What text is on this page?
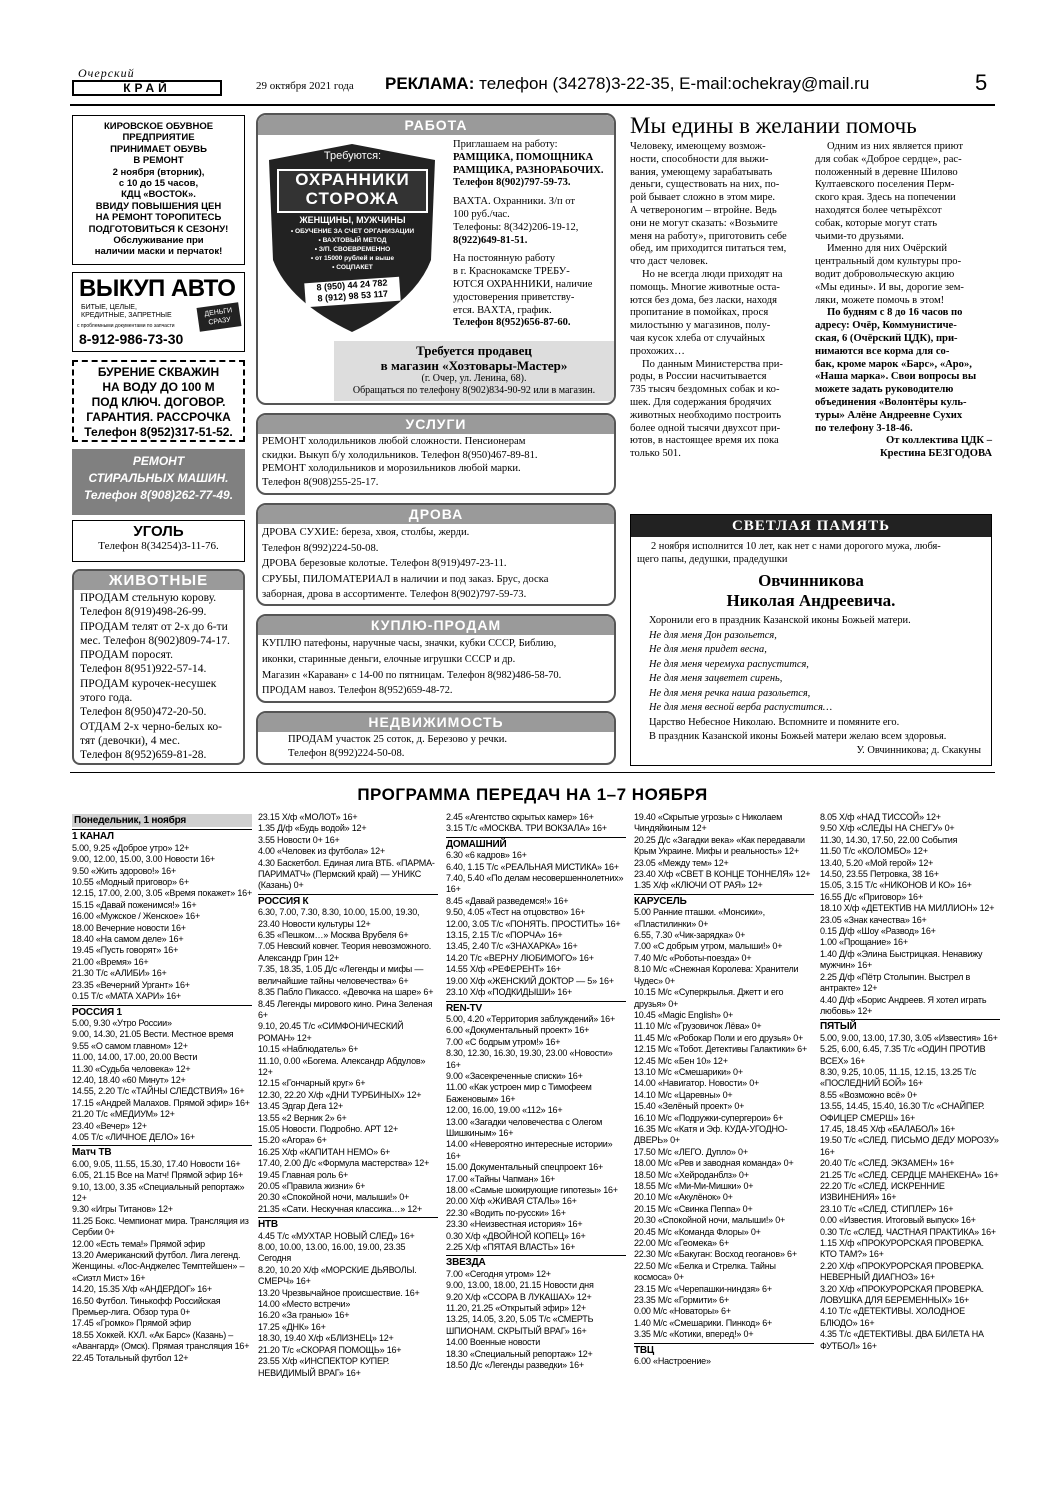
Очерский
КРАЙ	29 октября 2021 года РЕКЛАМА: телефон (34278)3-22-35, E-mail:ochekray@mail.ru	5
КИРОВСКОЕ ОБУВНОЕ
ПРЕДПРИЯТИЕ
ПРИНИМАЕТ ОБУВЬ
В РЕМОНТ
2 ноября (вторник),
с 10 до 15 часов,
КДЦ «ВОСТОК».
ВВИДУ ПОВЫШЕНИЯ ЦЕН
НА РЕМОНТ ТОРОПИТЕСЬ
ПОДГОТОВИТЬСЯ К СЕЗОНУ!
Обслуживание при
наличии маски и перчаток!
ВЫКУП АВТО
БИТЫЕ, ЦЕЛЫЕ, КРЕДИТНЫЕ, ЗАПРЕТНЫЕ
с проблемными документами по запчасти
ДЕНЬГИ СРАЗУ
8-912-986-73-30
БУРЕНИЕ СКВАЖИН
НА ВОДУ ДО 100 М
ПОД КЛЮЧ. ДОГОВОР.
ГАРАНТИЯ. РАССРОЧКА
Телефон 8(952)317-51-52.
РЕМОНТ
СТИРАЛЬНЫХ МАШИН.
Телефон 8(908)262-77-49.
УГОЛЬ
Телефон 8(34254)3-11-76.
ЖИВОТНЫЕ
ПРОДАМ стельную корову.
Телефон 8(919)498-26-99.
ПРОДАМ телят от 2-х до 6-ти
мес. Телефон 8(902)809-74-17.
ПРОДАМ поросят.
Телефон 8(951)922-57-14.
ПРОДАМ курочек-несушек
этого года.
Телефон 8(950)472-20-50.
ОТДАМ 2-х черно-белых ко-
тят (девочки), 4 мес.
Телефон 8(952)659-81-28.
РАБОТА
Приглашаем на работу:
РАМЩИКА, ПОМОЩНИКА
РАМЩИКА, РАЗНОРАБОЧИХ.
Телефон 8(902)797-59-73.
ВАХТА. Охранники. З/п от
100 руб./час.
Телефоны: 8(342)206-19-12,
8(922)649-81-51.
На постоянную работу
в г. Краснокамске ТРЕБУ-
ЮТСЯ ОХРАННИКИ, наличие
удостоверения приветству-
ется. ВАХТА, график.
Телефон 8(952)656-87-60.
Требуется продавец
в магазин «Хозтовары-Мастер»
(г. Очер, ул. Ленина, 68).
Обращаться по телефону 8(902)834-90-92 или в магазин.
Требуются:
ОХРАННИКИ
СТОРОЖА
ЖЕНЩИНЫ, МУЖЧИНЫ
• ОБУЧЕНИЕ ЗА СЧЕТ ОРГАНИЗАЦИИ
• ВАХТОВЫЙ МЕТОД
• З/П. СВОЕВРЕМЕННО
• от 15000 рублей и выше
• СОЦПАКЕТ
8 (950) 44 24 782
8 (912) 98 53 117
УСЛУГИ
РЕМОНТ холодильников любой сложности. Пенсионерам
скидки. Выкуп б/у холодильников. Телефон 8(950)467-89-81.
РЕМОНТ холодильников и морозильников любой марки.
Телефон 8(908)255-25-17.
ДРОВА
ДРОВА СУХИЕ: береза, хвоя, столбы, жерди.
Телефон 8(992)224-50-08.
ДРОВА березовые колотые. Телефон 8(919)497-23-11.
СРУБЫ, ПИЛОМАТЕРИАЛ в наличии и под заказ. Брус, доска
заборная, дрова в ассортименте. Телефон 8(902)797-59-73.
КУПЛЮ-ПРОДАМ
КУПЛЮ патефоны, наручные часы, значки, кубки СССР, Библию,
иконки, старинные деньги, елочные игрушки СССР и др.
Магазин «Караван» с 14-00 по пятницам. Телефон 8(982)486-58-70.
ПРОДАМ навоз. Телефон 8(952)659-48-72.
НЕДВИЖИМОСТЬ
ПРОДАМ участок 25 соток, д. Березово у речки.
Телефон 8(992)224-50-08.
Мы едины в желании помочь
Человеку, имеющему возмож-
ности, способности для выжи-
вания, умеющему зарабатывать
деньги, существовать на них, по-
рой бывает сложно в этом мире.
А четвероногим – втройне. Ведь
они не могут сказать: «Возьмите
меня на работу», приготовить себе
обед, им приходится питаться тем,
что даст человек.
Но не всегда люди приходят на
помощь. Многие животные оста-
ются без дома, без ласки, находя
пропитание в помойках, прося
милостыню у магазинов, полу-
чая кусок хлеба от случайных
прохожих…
По данным Министерства при-
роды, в России насчитывается
735 тысяч бездомных собак и ко-
шек. Для содержания бродячих
животных необходимо построить
более одной тысячи двухсот при-
ютов, в настоящее время их пока
только 501.
Одним из них является приют
для собак «Доброе сердце», рас-
положенный в деревне Шилово
Култаевского поселения Перм-
ского края. Здесь на попечении
находятся более четырёхсот
собак, которые могут стать
чьими-то друзьями.
Именно для них Очёрский
центральный дом культуры про-
водит добровольческую акцию
«Мы едины». И вы, дорогие зем-
ляки, можете помочь в этом!
По будням с 8 до 16 часов по
адресу: Очёр, Коммунистиче-
ская, 6 (Очёрский ЦДК), при-
нимаются все корма для со-
бак, кроме марок «Барс», «Аро»,
«Наша марка». Свои вопросы вы
можете задать руководителю
объединения «Волонтёры куль-
туры» Алёне Андреевне Сухих
по телефону 3-18-46.
От коллектива ЦДК –
Крестина БЕЗГОДОВА
СВЕТЛАЯ ПАМЯТЬ
2 ноября исполнится 10 лет, как нет с нами дорогого мужа, любя-
щего папы, дедушки, прадедушки
Овчинникова
Николая Андреевича.
Хоронили его в праздник Казанской иконы Божьей матери.
Не для меня Дон разольется,
Не для меня придет весна,
Не для меня черемуха распустится,
Не для меня зацветет сирень,
Не для меня речка наша разольется,
Не для меня весной верба распустится…
Царство Небесное Николаю. Вспомните и помяните его.
В праздник Казанской иконы Божьей матери желаю всем здоровья.
У. Овчинникова; д. Скакуны
ПРОГРАММА ПЕРЕДАЧ НА 1–7 НОЯБРЯ
Понедельник, 1 ноября
1 КАНАЛ
5.00, 9.25 «Доброе утро» 12+
9.00, 12.00, 15.00, 3.00 Новости 16+
9.50 «Жить здорово!» 16+
10.55 «Модный приговор» 6+
12.15, 17.00, 2.00, 3.05 «Время покажет» 16+
15.15 «Давай поженимся!» 16+
16.00 «Мужское / Женское» 16+
18.00 Вечерние новости 16+
18.40 «На самом деле» 16+
19.45 «Пусть говорят» 16+
21.00 «Время» 16+
21.30 Т/с «АЛИБИ» 16+
23.35 «Вечерний Ургант» 16+
0.15 Т/с «МАТА ХАРИ» 16+
РОССИЯ 1
5.00, 9.30 «Утро России»
9.00, 14.30, 21.05 Вести. Местное время
9.55 «О самом главном» 12+
11.00, 14.00, 17.00, 20.00 Вести
11.30 «Судьба человека» 12+
12.40, 18.40 «60 Минут» 12+
14.55, 2.20 Т/с «ТАЙНЫ СЛЕДСТВИЯ» 16+
17.15 «Андрей Малахов. Прямой эфир» 16+
21.20 Т/с «МЕДИУМ» 12+
23.40 «Вечер» 12+
4.05 Т/с «ЛИЧНОЕ ДЕЛО» 16+
Матч ТВ
6.00, 9.05, 11.55, 15.30, 17.40 Новости 16+
6.05, 21.15 Все на Матч! Прямой эфир 16+
9.10, 13.00, 3.35 «Специальный репортаж» 12+
9.30 «Игры Титанов» 12+
11.25 Бокс. Чемпионат мира. Трансляция из Сербии 0+
12.00 «Есть тема!» Прямой эфир
13.20 Американский футбол. Лига легенд. Женщины. «Лос-Анджелес Темптейшен» – «Сиэтл Мист» 16+
14.20, 15.35 Х/ф «АНДЕРДОГ» 16+
16.50 Футбол. Тинькофф Российская Премьер-лига. Обзор тура 0+
17.45 «Громко» Прямой эфир
18.55 Хоккей. КХЛ. «Ак Барс» (Казань) – «Авангард» (Омск). Прямая трансляция 16+
22.45 Тотальный футбол 12+
23.15 Х/ф «МОЛОТ» 16+
1.35 Д/ф «Будь водой» 12+
3.55 Новости 0+ 16+
4.00 «Человек из футбола» 12+
4.30 Баскетбол. Единая лига ВТБ. «ПАРМА-ПАРИМАТЧ» (Пермский край) — УНИКС (Казань) 0+
РОССИЯ К
6.30, 7.00, 7.30, 8.30, 10.00, 15.00, 19.30, 23.40 Новости культуры 12+
6.35 «Пешком…» Москва Врубеля 6+
7.05 Невский ковчег. Теория невозможного. Александр Грин 12+
7.35, 18.35, 1.05 Д/с «Легенды и мифы — величайшие тайны человечества» 6+
8.35 Пабло Пикассо. «Девочка на шаре» 6+
8.45 Легенды мирового кино. Рина Зеленая 6+
9.10, 20.45 Т/с «СИМФОНИЧЕСКИЙ РОМАН» 12+
10.15 «Наблюдатель» 6+
11.10, 0.00 «Богема. Александр Абдулов» 12+
12.15 «Гончарный круг» 6+
12.30, 22.20 Х/ф «ДНИ ТУРБИНЫХ» 12+
13.45 Эдгар Дега 12+
13.55 «2 Верник 2» 6+
15.05 Новости. Подробно. АРТ 12+
15.20 «Агора» 6+
16.25 Х/ф «КАПИТАН НЕМО» 6+
17.40, 2.00 Д/с «Формула мастерства» 12+
19.45 Главная роль 6+
20.05 «Правила жизни» 6+
20.30 «Спокойной ночи, малыши!» 0+
21.35 «Сати. Нескучная классика…» 12+
НТВ
4.45 Т/с «МУХТАР. НОВЫЙ СЛЕД» 16+
8.00, 10.00, 13.00, 16.00, 19.00, 23.35 Сегодня
8.20, 10.20 Х/ф «МОРСКИЕ ДЬЯВОЛЫ. СМЕРЧ» 16+
13.20 Чрезвычайное происшествие. 16+
14.00 «Место встречи»
16.20 «За гранью» 16+
17.25 «ДНК» 16+
18.30, 19.40 Х/ф «БЛИЗНЕЦ» 12+
21.20 Т/с «СКОРАЯ ПОМОЩЬ» 16+
23.55 Х/ф «ИНСПЕКТОР КУПЕР. НЕВИДИМЫЙ ВРАГ» 16+
2.45 «Агентство скрытых камер» 16+
3.15 Т/с «МОСКВА. ТРИ ВОКЗАЛА» 16+
ДОМАШНИЙ
6.30 «6 кадров» 16+
6.40, 1.15 Т/с «РЕАЛЬНАЯ МИСТИКА» 16+
7.40, 5.40 «По делам несовершеннолетних» 16+
8.45 «Давай разведемся!» 16+
9.50, 4.05 «Тест на отцовство» 16+
12.00, 3.05 Т/с «ПОНЯТЬ. ПРОСТИТЬ» 16+
13.15, 2.15 Т/с «ПОРЧА» 16+
13.45, 2.40 Т/с «ЗНАХАРКА» 16+
14.20 Т/с «ВЕРНУ ЛЮБИМОГО» 16+
14.55 Х/ф «РЕФЕРЕНТ» 16+
19.00 Х/ф «ЖЕНСКИЙ ДОКТОР — 5» 16+
23.10 Х/ф «ПОДКИДЫШИ» 16+
REN-TV
5.00, 4.20 «Территория заблуждений» 16+
6.00 «Документальный проект» 16+
7.00 «С бодрым утром!» 16+
8.30, 12.30, 16.30, 19.30, 23.00 «Новости» 16+
9.00 «Засекреченные списки» 16+
11.00 «Как устроен мир с Тимофеем Баженовым» 16+
12.00, 16.00, 19.00 «112» 16+
13.00 «Загадки человечества с Олегом Шишкиным» 16+
14.00 «Невероятно интересные истории» 16+
15.00 Документальный спецпроект 16+
17.00 «Тайны Чапман» 16+
18.00 «Самые шокирующие гипотезы» 16+
20.00 Х/ф «ЖИВАЯ СТАЛЬ» 16+
22.30 «Водить по-русски» 16+
23.30 «Неизвестная история» 16+
0.30 Х/ф «ДВОЙНОЙ КОПЕЦ» 16+
2.25 Х/ф «ПЯТАЯ ВЛАСТЬ» 16+
ЗВЕЗДА
7.00 «Сегодня утром» 12+
9.00, 13.00, 18.00, 21.15 Новости дня
9.20 Х/ф «ССОРА В ЛУКАШАХ» 12+
11.20, 21.25 «Открытый эфир» 12+
13.25, 14.05, 3.20, 5.05 Т/с «СМЕРТЬ ШПИОНАМ. СКРЫТЫЙ ВРАГ» 16+
14.00 Военные новости
18.30 «Специальный репортаж» 12+
18.50 Д/с «Легенды разведки» 16+
19.40 «Скрытые угрозы» с Николаем Чиндяйкиным 12+
20.25 Д/с «Загадки века» «Как передавали Крым Украине. Мифы и реальность» 12+
23.05 «Между тем» 12+
23.40 Х/ф «СВЕТ В КОНЦЕ ТОННЕЛЯ» 12+
1.35 Х/ф «КЛЮЧИ ОТ РАЯ» 12+
КАРУСЕЛЬ
5.00 Ранние пташки. «Монсики», «Пластилинки» 0+
6.55, 7.30 «Чик-зарядка» 0+
7.00 «С добрым утром, малыши!» 0+
7.40 М/с «Роботы-поезда» 0+
8.10 М/с «Снежная Королева: Хранители Чудес» 0+
10.15 М/с «Суперкрылья. Джетт и его друзья» 0+
10.45 «Magic English» 0+
11.10 М/с «Грузовичок Лёва» 0+
11.45 М/с «Робокар Поли и его друзья» 0+
12.15 М/с «Тобот. Детективы Галактики» 6+
12.45 М/с «Бен 10» 12+
13.10 М/с «Смешарики» 0+
14.00 «Навигатор. Новости» 0+
14.10 М/с «Царевны» 0+
15.40 «Зелёный проект» 0+
16.10 М/с «Подружки-супергерои» 6+
16.35 М/с «Катя и Эф. КУДА-УГОДНО-ДВЕРЬ» 0+
17.50 М/с «ЛЕГО. Дупло» 0+
18.00 М/с «Рев и заводная команда» 0+
18.50 М/с «Хейроданблз» 0+
18.55 М/с «Ми-Ми-Мишки» 0+
20.10 М/с «Акулёнок» 0+
20.15 М/с «Свинка Пеппа» 0+
20.30 «Спокойной ночи, малыши!» 0+
20.45 М/с «Команда Флоры» 0+
22.00 М/с «Геомека» 6+
22.30 М/с «Бакуган: Восход геоганов» 6+
22.50 М/с «Белка и Стрелка. Тайны космоса» 0+
23.15 М/с «Черепашки-ниндзя» 6+
23.35 М/с «Гормити» 6+
0.00 М/с «Новаторы» 6+
1.40 М/с «Смешарики. Пинкод» 6+
3.35 М/с «Котики, вперед!» 0+
ТВЦ
6.00 «Настроение»
8.05 Х/ф «НАД ТИССОЙ» 12+
9.50 Х/ф «СЛЕДЫ НА СНЕГУ» 0+
11.30, 14.30, 17.50, 22.00 События
11.50 Т/с «КОЛОМБО» 12+
13.40, 5.20 «Мой герой» 12+
14.50, 23.55 Петровка, 38 16+
15.05, 3.15 Т/с «НИКОНОВ И КО» 16+
16.55 Д/с «Приговор» 16+
18.10 Х/ф «ДЕТЕКТИВ НА МИЛЛИОН» 12+
23.05 «Знак качества» 16+
0.15 Д/ф «Шоу «Развод» 16+
1.00 «Прощание» 16+
1.40 Д/ф «Элина Быстрицкая. Ненавижу мужчин» 16+
2.25 Д/ф «Пётр Столыпин. Выстрел в антракте» 12+
4.40 Д/ф «Борис Андреев. Я хотел играть любовь» 12+
ПЯТЫЙ
5.00, 9.00, 13.00, 17.30, 3.05 «Известия» 16+
5.25, 6.00, 6.45, 7.35 Т/с «ОДИН ПРОТИВ ВСЕХ» 16+
8.30, 9.25, 10.05, 11.15, 12.15, 13.25 Т/с «ПОСЛЕДНИЙ БОЙ» 16+
8.55 «Возможно всё» 0+
13.55, 14.45, 15.40, 16.30 Т/с «СНАЙПЕР. ОФИЦЕР СМЕРШ» 16+
17.45, 18.45 Х/ф «БАЛАБОЛ» 16+
19.50 Т/с «СЛЕД. ПИСЬМО ДЕДУ МОРОЗУ» 16+
20.40 Т/с «СЛЕД. ЭКЗАМЕН» 16+
21.25 Т/с «СЛЕД. СЕРДЦЕ МАНЕКЕНА» 16+
22.20 Т/с «СЛЕД. ИСКРЕННИЕ ИЗВИНЕНИЯ» 16+
23.10 Т/с «СЛЕД. СТИПЛЕР» 16+
0.00 «Известия. Итоговый выпуск» 16+
0.30 Т/с «СЛЕД. ЧАСТНАЯ ПРАКТИКА» 16+
1.15 Х/ф «ПРОКУРОРСКАЯ ПРОВЕРКА. КТО ТАМ?» 16+
2.20 Х/ф «ПРОКУРОРСКАЯ ПРОВЕРКА. НЕВЕРНЫЙ ДИАГНОЗ» 16+
3.20 Х/ф «ПРОКУРОРСКАЯ ПРОВЕРКА. ЛОВУШКА ДЛЯ БЕРЕМЕННЫХ» 16+
4.10 Т/с «ДЕТЕКТИВЫ. ХОЛОДНОЕ БЛЮДО» 16+
4.35 Т/с «ДЕТЕКТИВЫ. ДВА БИЛЕТА НА ФУТБОЛ» 16+
